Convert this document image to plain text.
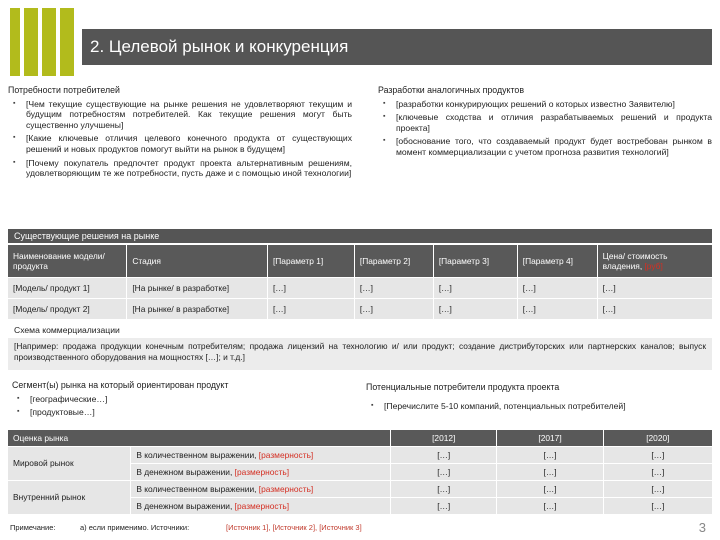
2. Целевой рынок и конкуренция
Потребности потребителей
▪ [Чем текущие существующие на рынке решения не удовлетворяют текущим и будущим потребностям потребителей. Как текущие решения могут быть существенно улучшены]
▪ [Какие ключевые отличия целевого конечного продукта от существующих решений и новых продуктов помогут выйти на рынок в будущем]
▪ [Почему покупатель предпочтет продукт проекта альтернативным решениям, удовлетворяющим те же потребности, пусть даже и с помощью иной технологии]
Разработки аналогичных продуктов
▪ [разработки конкурирующих решений о которых известно Заявителю]
▪ [ключевые сходства и отличия разрабатываемых решений и продукта проекта]
▪ [обоснование того, что создаваемый продукт будет востребован рынком в момент коммерциализации с учетом прогноза развития технологий]
Существующие решения на рынке
Наименование модели/ продукта	Стадия	[Параметр 1]	[Параметр 2]	[Параметр 3]	[Параметр 4]	Цена/ стоимость владения, [руб]
[Модель/ продукт 1]	[На рынке/ в разработке]	[…]	[…]	[…]	[…]	[…]
[Модель/ продукт 2]	[На рынке/ в разработке]	[…]	[…]	[…]	[…]	[…]
Схема коммерциализации
[Например: продажа продукции конечным потребителям; продажа лицензий на технологию и/ или продукт; создание дистрибуторских или партнерских каналов; выпуск производственного оборудования на мощностях […]; и т.д.]
Сегмент(ы) рынка на который ориентирован продукт
▪ [географические…]
▪ [продуктовые…]
Потенциальные потребители продукта проекта
▪ [Перечислите 5-10 компаний, потенциальных потребителей]
Оценка рынка		[2012]	[2017]	[2020]
Мировой рынок	В количественном выражении, [размерность]	[…]	[…]	[…]
	В денежном выражении, [размерность]	[…]	[…]	[…]
Внутренний рынок	В количественном выражении, [размерность]	[…]	[…]	[…]
	В денежном выражении, [размерность]	[…]	[…]	[…]
Примечание:	а) если применимо. Источники:	[Источник 1], [Источник 2], [Источник 3]	3
